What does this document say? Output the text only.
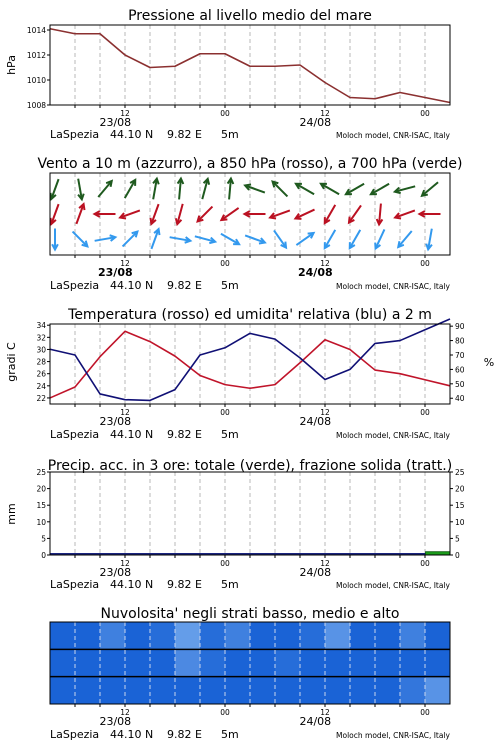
Pressione al livello medio del mare
hPa
1008
1010
1012
1014
12	00	12	00
23/08	24/08
LaSpezia 44.10 N 9.82 E 5m	Moloch model, CNR-ISAC, Italy
Vento a 10 m (azzurro), a 850 hPa (rosso), a 700 hPa (verde)
12	00	12	00
23/08	24/08
LaSpezia 44.10 N 9.82 E 5m	Moloch model, CNR-ISAC, Italy
Temperatura (rosso) ed umidita' relativa (blu) a 2 m
gradi C	%
22
24
26
28
30
32
34
40
50
60
70
80
90
12	00	12	00
23/08	24/08
LaSpezia 44.10 N 9.82 E 5m	Moloch model, CNR-ISAC, Italy
Precip. acc. in 3 ore: totale (verde), frazione solida (tratt.)
mm
0
5
10
15
20
25
0
5
10
15
20
25
12	00	12	00
23/08	24/08
LaSpezia 44.10 N 9.82 E 5m	Moloch model, CNR-ISAC, Italy
Nuvolosita' negli strati basso, medio e alto
12	00	12	00
23/08	24/08
LaSpezia 44.10 N 9.82 E 5m	Moloch model, CNR-ISAC, Italy
